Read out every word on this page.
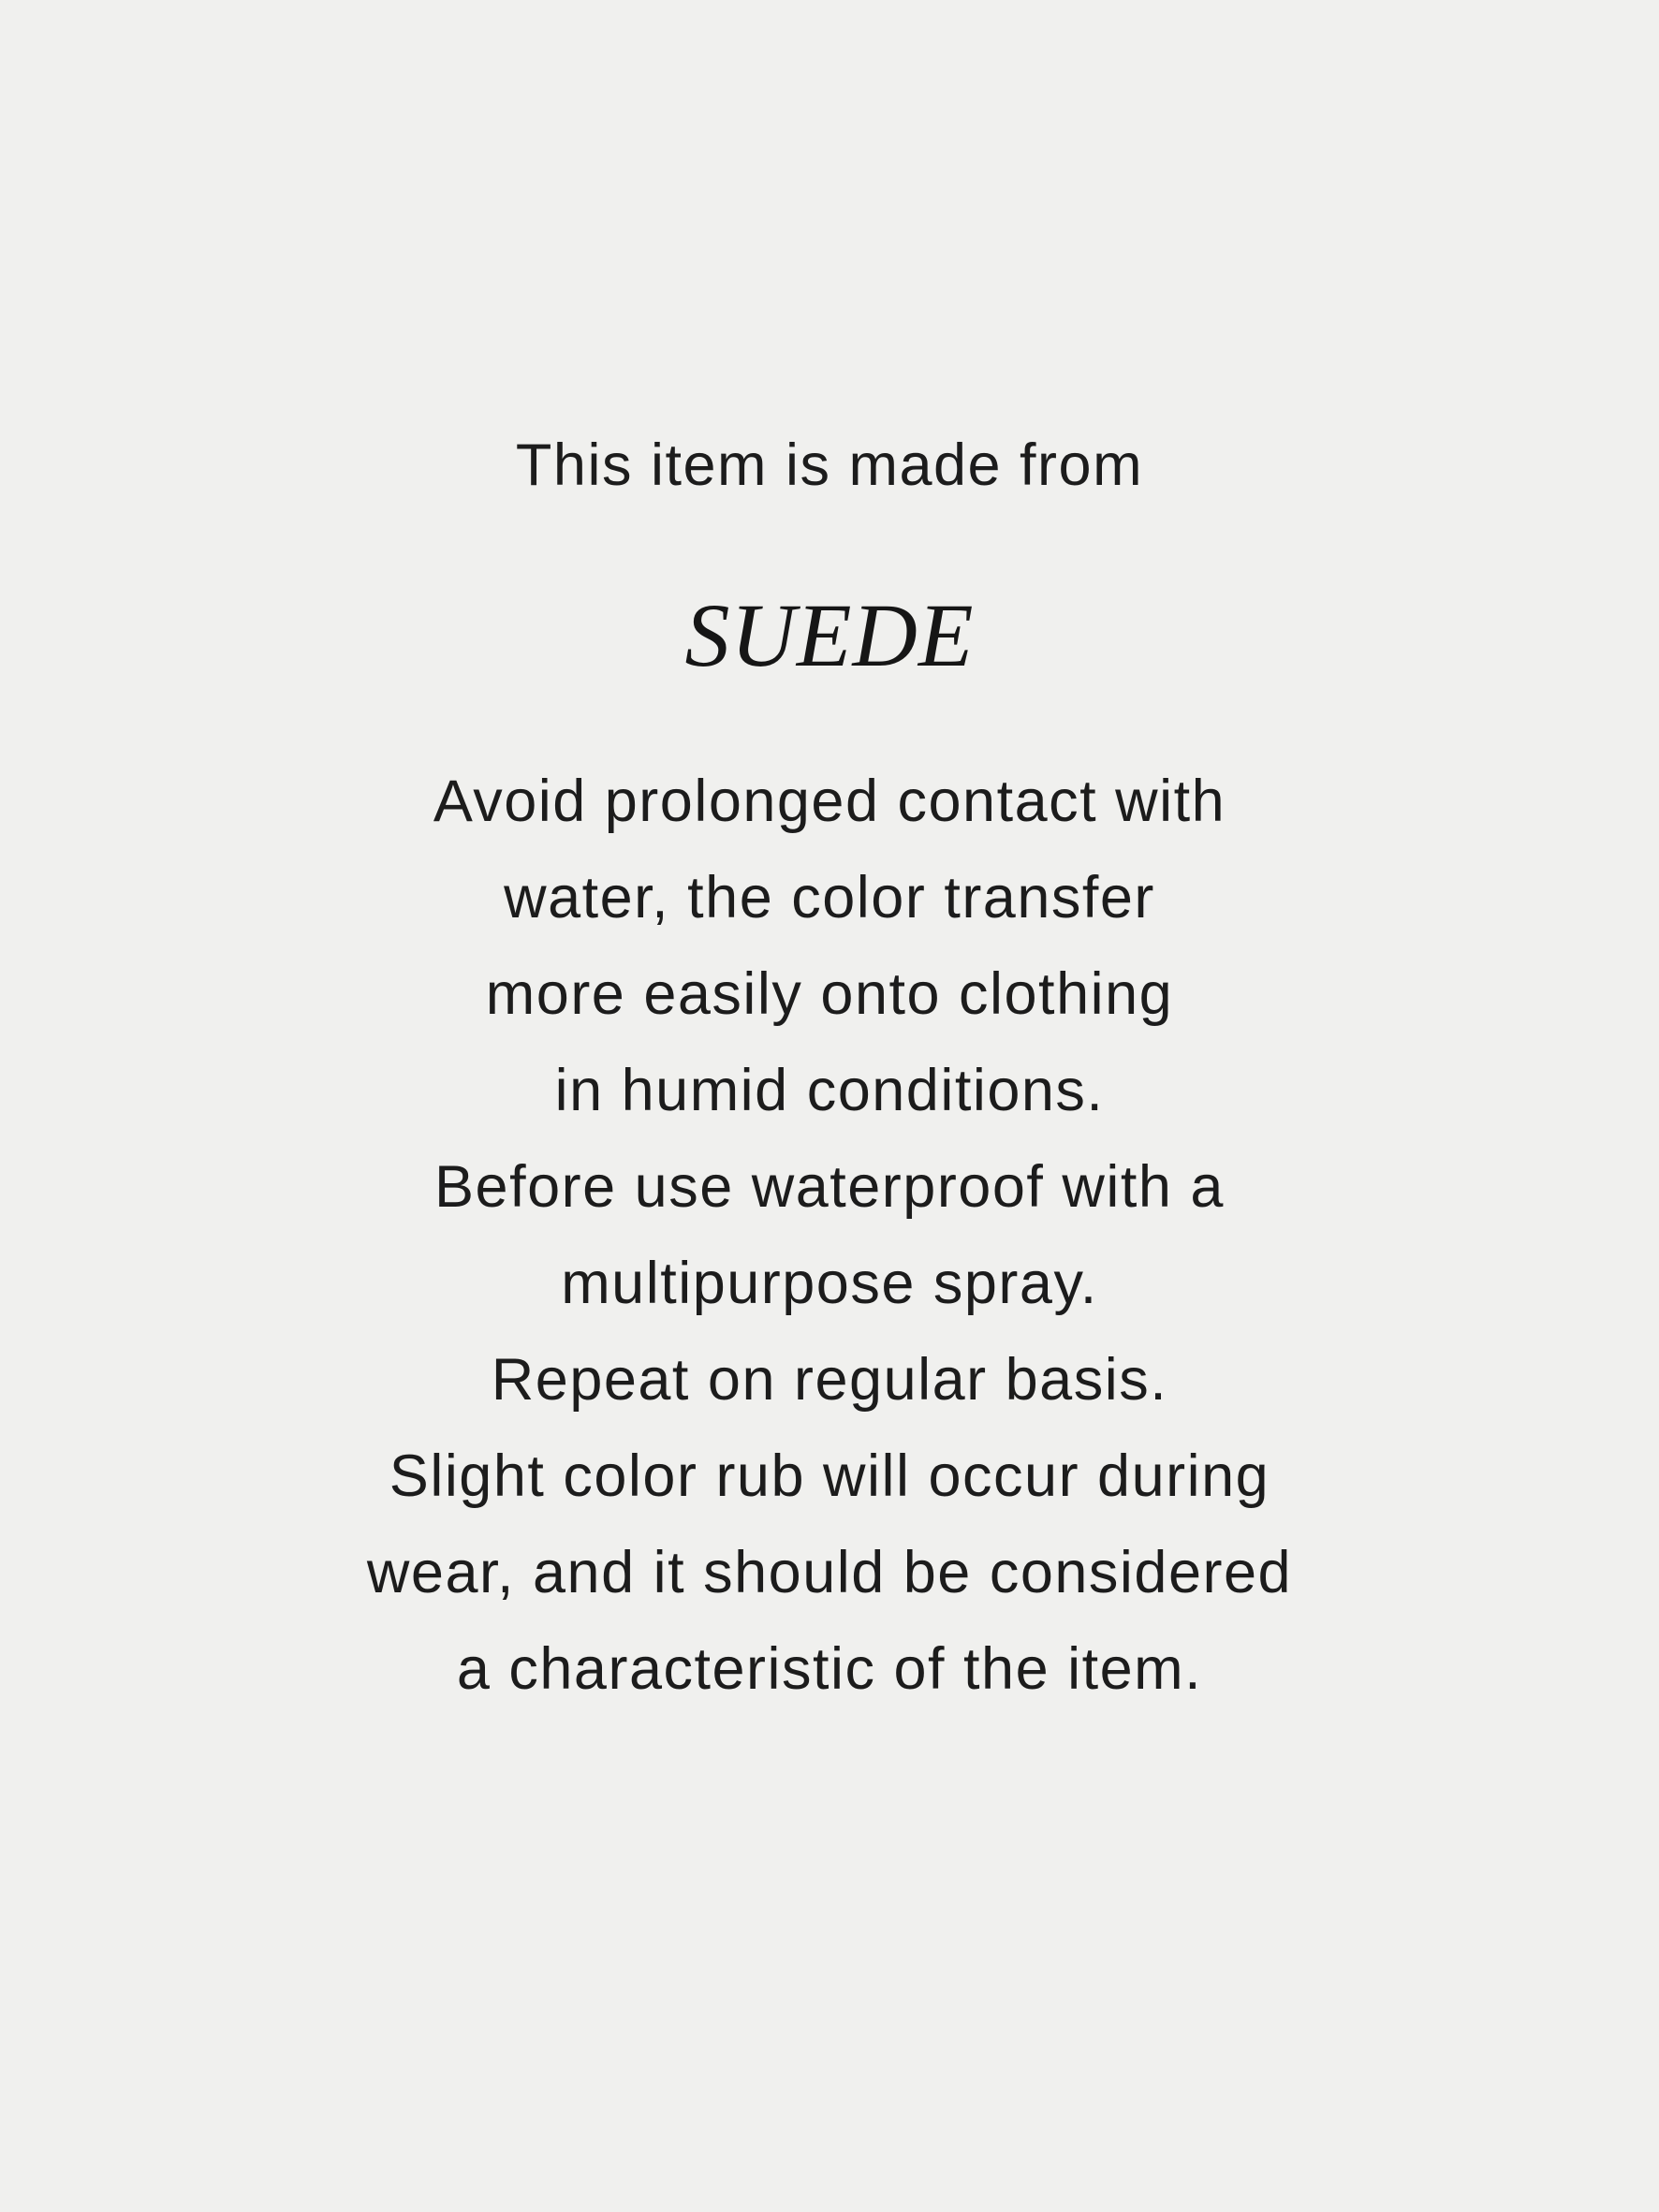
This item is made from
SUEDE
Avoid prolonged contact with
water, the color transfer
more easily onto clothing
in humid conditions.
Before use waterproof with a
multipurpose spray.
Repeat on regular basis.
Slight color rub will occur during
wear, and it should be considered
a characteristic of the item.
